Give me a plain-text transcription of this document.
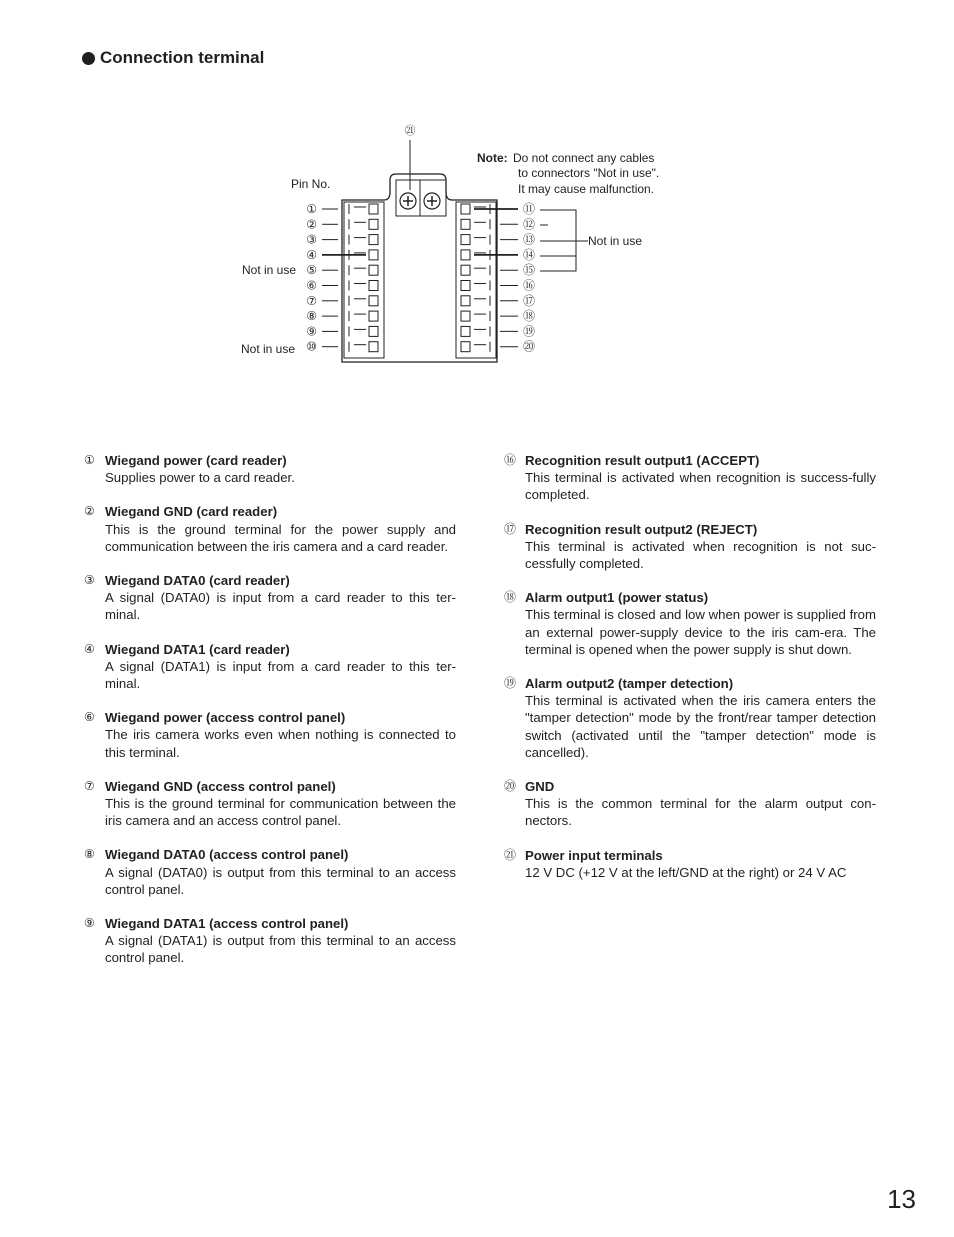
Connection terminal
㉑
①
②
③
④
⑤
⑥
⑦
⑧
⑨
⑩
⑪
⑫
⑬
⑭
⑮
⑯
⑰
⑱
⑲
⑳
Pin No.
Note: Do not connect any cables
to connectors "Not in use".
It may cause malfunction.
Not in use
Not in use
Not in use
① Wiegand power (card reader)
Supplies power to a card reader.
② Wiegand GND (card reader)
This is the ground terminal for the power supply and communication between the iris camera and a card reader.
③ Wiegand DATA0 (card reader)
A signal (DATA0) is input from a card reader to this ter-minal.
④ Wiegand DATA1 (card reader)
A signal (DATA1) is input from a card reader to this ter-minal.
⑥ Wiegand power (access control panel)
The iris camera works even when nothing is connected to this terminal.
⑦ Wiegand GND (access control panel)
This is the ground terminal for communication between the iris camera and an access control panel.
⑧ Wiegand DATA0 (access control panel)
A signal (DATA0) is output from this terminal to an access control panel.
⑨ Wiegand DATA1 (access control panel)
A signal (DATA1) is output from this terminal to an access control panel.
⑯ Recognition result output1 (ACCEPT)
This terminal is activated when recognition is success-fully completed.
⑰ Recognition result output2 (REJECT)
This terminal is activated when recognition is not suc-cessfully completed.
⑱ Alarm output1 (power status)
This terminal is closed and low when power is supplied from an external power-supply device to the iris cam-era. The terminal is opened when the power supply is shut down.
⑲ Alarm output2 (tamper detection)
This terminal is activated when the iris camera enters the "tamper detection" mode by the front/rear tamper detection switch (activated until the "tamper detection" mode is cancelled).
⑳ GND
This is the common terminal for the alarm output con-nectors.
㉑ Power input terminals
12 V DC (+12 V at the left/GND at the right) or 24 V AC
13
